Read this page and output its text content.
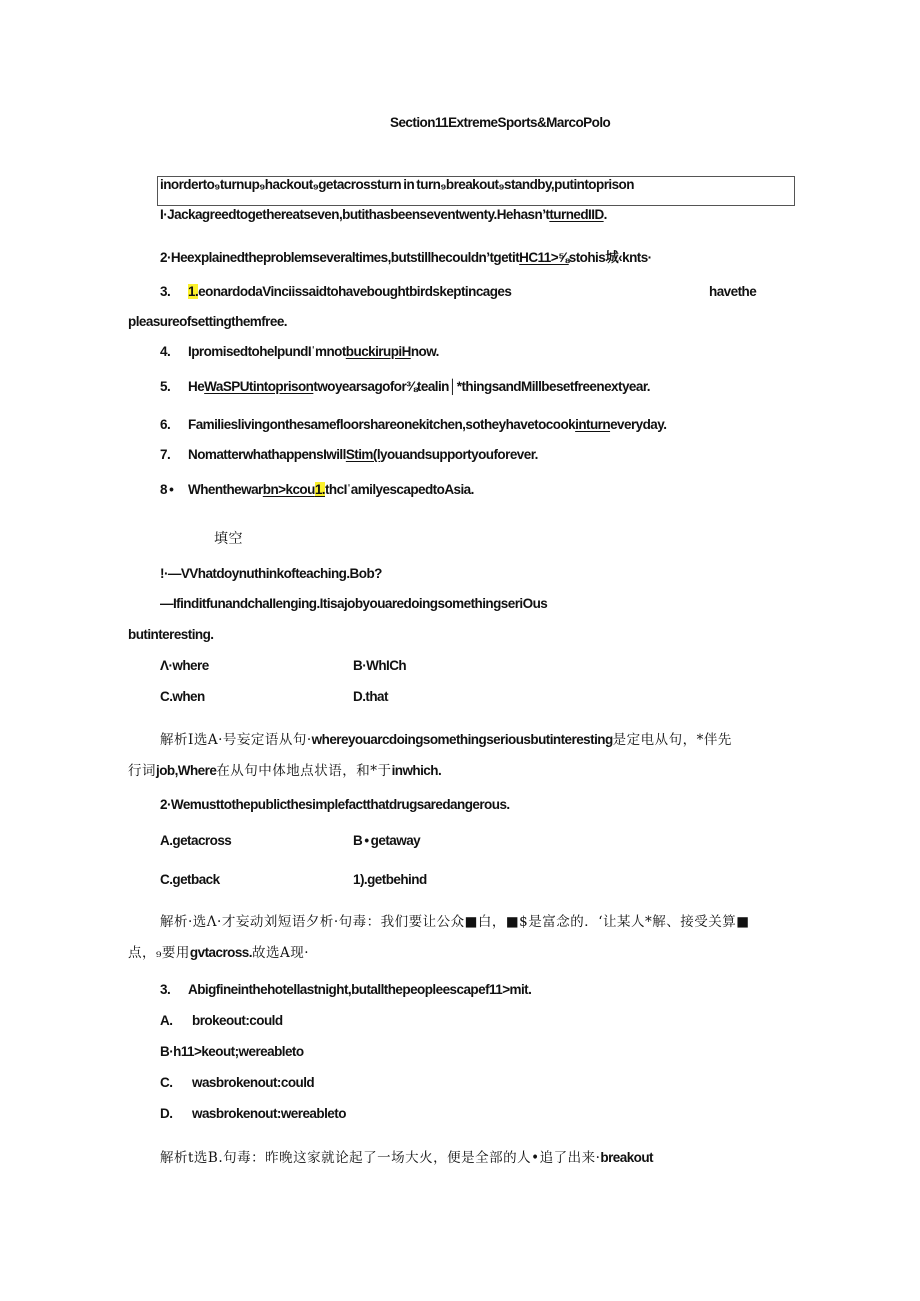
Section11ExtremeSports&MarcoPolo
inorderto₉turnup₉hackout₉getacrossturn in turn₉breakout₉standby,putintoprison
I·Jackagreedtogethereatseven,butithasbeenseventwenty.Hehasn’tturnedIID.
2·Heexplainedtheproblemseveraltimes,butstillhecouldn’tgetitHC11>⅝stohis城‹knts·
3. 1.eonardodaVinciissaidtohaveboughtbirdskeptincages	havethe
pleasureofsettingthemfree.
4. IpromisedtohelpundIˈmnotbuckirupiHnow.
5. HeWaSPUtintoprisontwoyearsagofor⅜tealin│*thingsandMillbesetfreenextyear.
6. Familieslivingonthesamefloorshareonekitchen,sotheyhavetocookinturneveryday.
7. NomatterwhathappensIwillStim(lyouandsupportyouforever.
8 • Whenthewarbn>kcou1.thcIˈamilyescapedtoAsia.
填空
!·—VVhatdoynuthinkofteaching.Bob?
—IfinditfunandchaIIenging.ItisajobyouaredoingsomethingseriOus
butinteresting.
Λ·where	B·WhICh
C.when	D.that
解析I选A·号妄定语从句·whereyouarcdoingsomethingseriousbutinteresting是定电从句，*伴先
行词job,Where在从句中体地点状语，和*于inwhich.
2·Wemusttothepublicthesimplefactthatdrugsaredangerous.
A.getacross	B • getaway
C.getback	1).getbehind
解析·选Λ·才妄动刘短语夕析·句毒：我们要让公众■白，■$是富念的．‘让某人*解、接受关算■
点，₉要用gvtacross.故选A现·
3. Abigfineinthehotellastnight,butallthepeopleescapef11>mit.
A. brokeout:could
B·h11>keout;wereableto
C. wasbrokenout:could
D. wasbrokenout:wereableto
解析t选B.句毒：昨晚这家就论起了一场大火，便是全部的人•追了出来·breakout
